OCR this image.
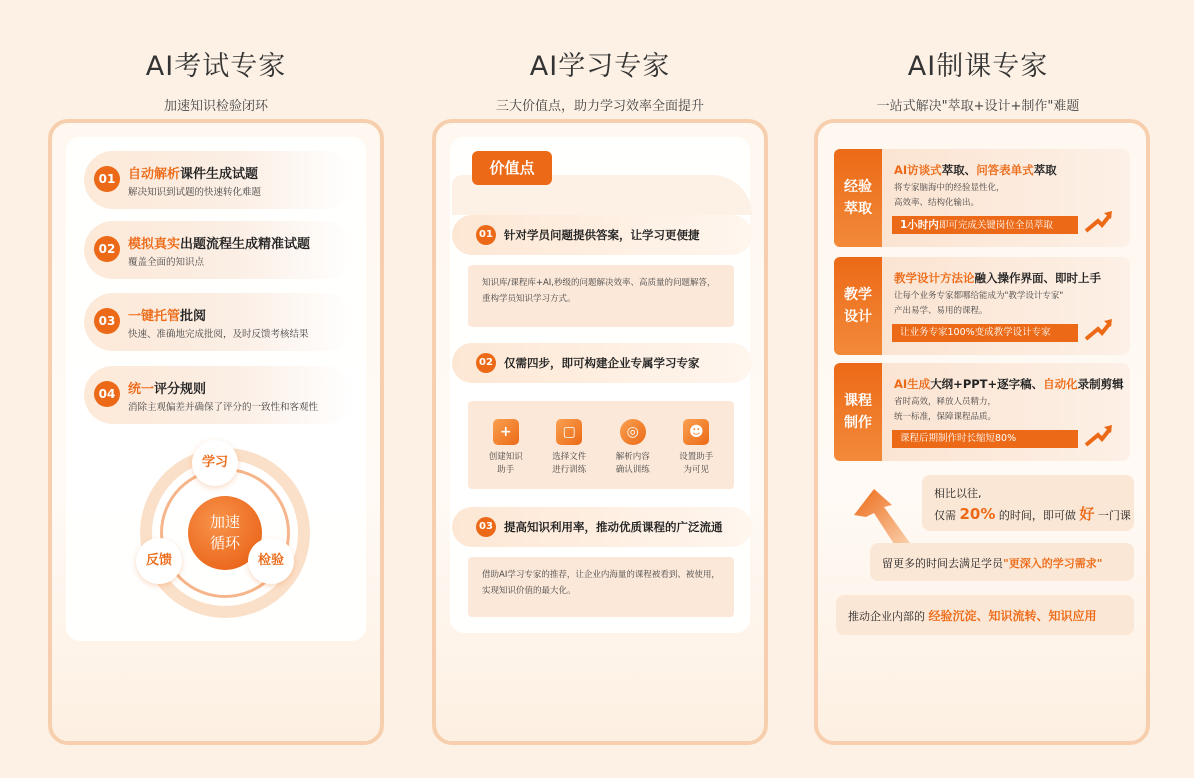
AI考试专家

加速知识检验闭环

AI学习专家

三大价值点，助力学习效率全面提升

AI制课专家

一站式解决"萃取+设计+制作"难题

01 自动解析课件生成试题
解决知识到试题的快速转化难题
02 模拟真实出题流程生成精准试题
覆盖全面的知识点
03 一键托管批阅
快速、准确地完成批阅，及时反馈考核结果
04 统一评分规则
消除主观偏差并确保了评分的一致性和客观性
加速
循环
学习
反馈	检验
价值点
01 针对学员问题提供答案，让学习更便捷
知识库/课程库+AI,秒级的问题解决效率、高质量的问题解答，重构学员知识学习方式。
02 仅需四步，即可构建企业专属学习专家
+
创建知识
助手
▢
选择文件
进行训练
◎
解析内容
确认训练
☻
设置助手
为可见
03 提高知识利用率，推动优质课程的广泛流通
借助AI学习专家的推荐，让企业内海量的课程被看到、被使用，实现知识价值的最大化。
经验
萃取
AI访谈式萃取、问答表单式萃取
将专家脑海中的经验显性化，
高效率、结构化输出。
1小时内即可完成关键岗位全员萃取
教学
设计
教学设计方法论融入操作界面、即时上手
让每个业务专家都哪给能成为"教学设计专家"
产出易学、易用的课程。
让业务专家100%变成教学设计专家
课程
制作
AI生成大纲+PPT+逐字稿、自动化录制剪辑
省时高效，释放人员精力，
统一标准，保障课程品质。
课程后期制作时长缩短80%
相比以往,
仅需 20% 的时间，即可做 好 一门课
留更多的时间去满足学员"更深入的学习需求"
推动企业内部的 经验沉淀、知识流转、知识应用
